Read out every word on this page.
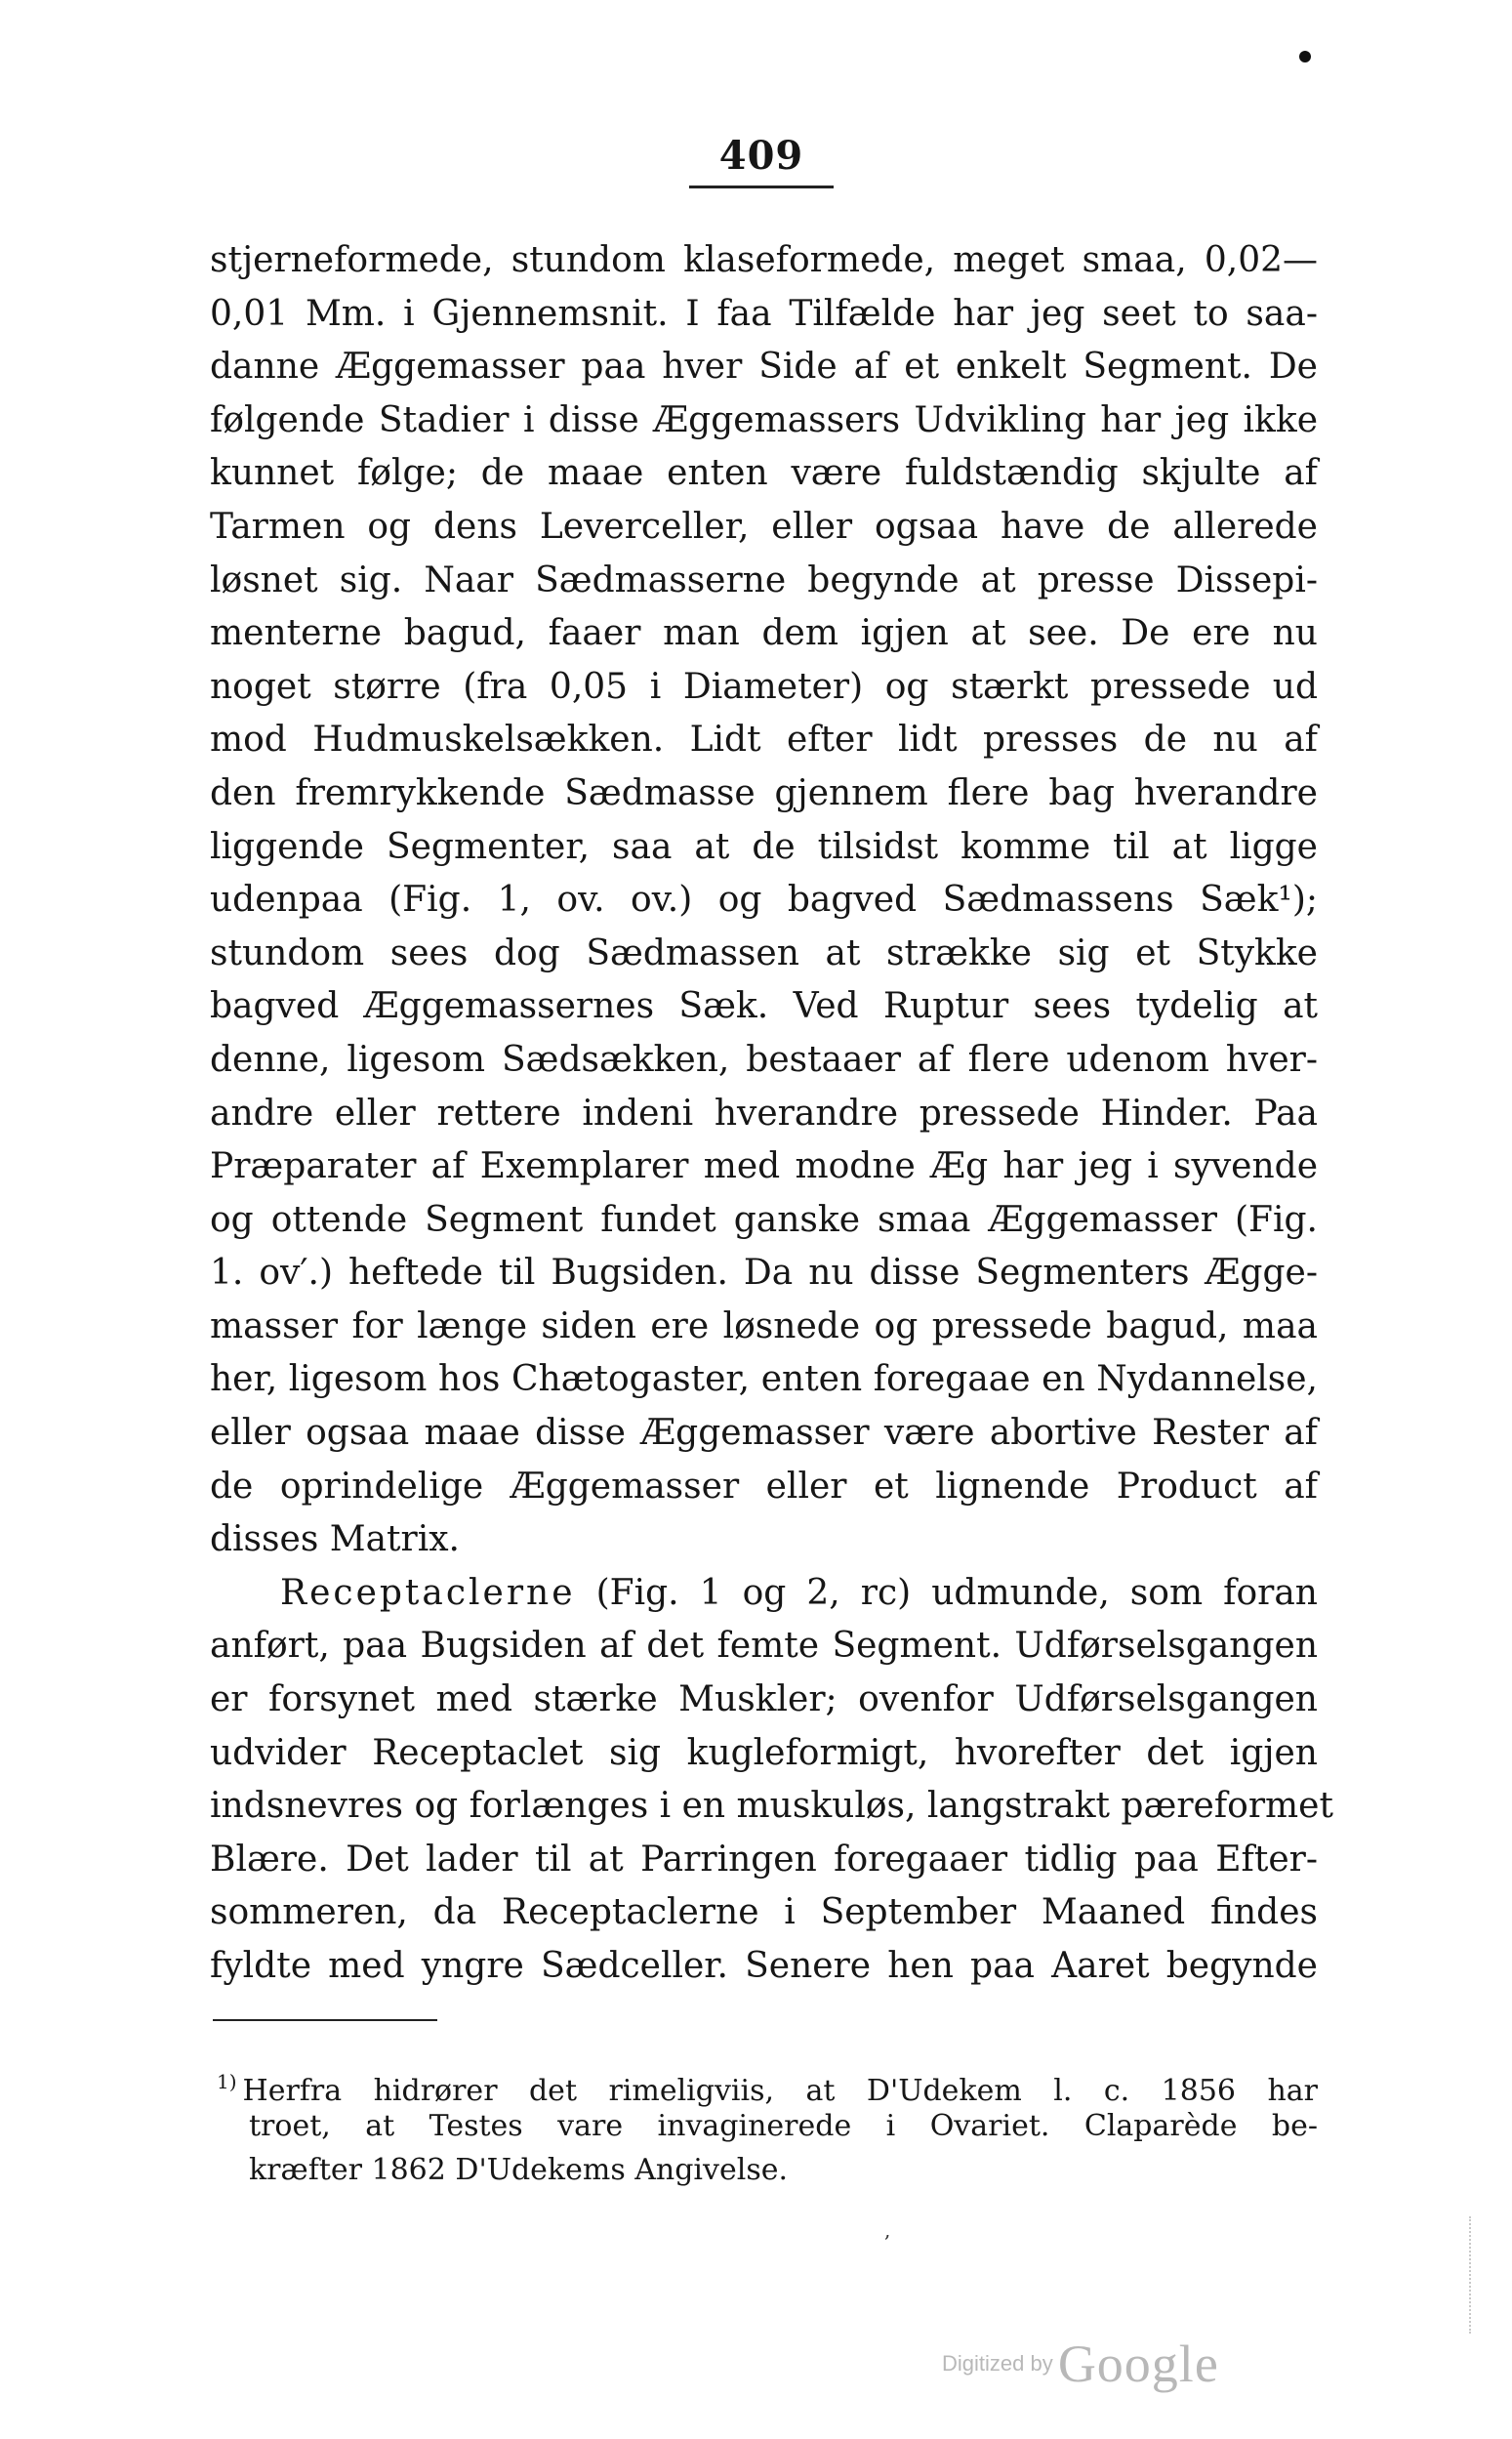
409
stjerneformede, stundom klaseformede, meget smaa, 0,02—
0,01 Mm. i Gjennemsnit. I faa Tilfælde har jeg seet to saa-
danne Æggemasser paa hver Side af et enkelt Segment. De
følgende Stadier i disse Æggemassers Udvikling har jeg ikke
kunnet følge; de maae enten være fuldstændig skjulte af
Tarmen og dens Leverceller, eller ogsaa have de allerede
løsnet sig. Naar Sædmasserne begynde at presse Dissepi-
menterne bagud, faaer man dem igjen at see. De ere nu
noget større (fra 0,05 i Diameter) og stærkt pressede ud
mod Hudmuskelsækken. Lidt efter lidt presses de nu af
den fremrykkende Sædmasse gjennem flere bag hverandre
liggende Segmenter, saa at de tilsidst komme til at ligge
udenpaa (Fig. 1, ov. ov.) og bagved Sædmassens Sæk¹);
stundom sees dog Sædmassen at strække sig et Stykke
bagved Æggemassernes Sæk. Ved Ruptur sees tydelig at
denne, ligesom Sædsækken, bestaaer af flere udenom hver-
andre eller rettere indeni hverandre pressede Hinder. Paa
Præparater af Exemplarer med modne Æg har jeg i syvende
og ottende Segment fundet ganske smaa Æggemasser (Fig.
1. ov′.) heftede til Bugsiden. Da nu disse Segmenters Ægge-
masser for længe siden ere løsnede og pressede bagud, maa
her, ligesom hos Chætogaster, enten foregaae en Nydannelse,
eller ogsaa maae disse Æggemasser være abortive Rester af
de oprindelige Æggemasser eller et lignende Product af
disses Matrix.
Receptaclerne (Fig. 1 og 2, rc) udmunde, som foran
anført, paa Bugsiden af det femte Segment. Udførselsgangen
er forsynet med stærke Muskler; ovenfor Udførselsgangen
udvider Receptaclet sig kugleformigt, hvorefter det igjen
indsnevres og forlænges i en muskuløs, langstrakt pæreformet
Blære. Det lader til at Parringen foregaaer tidlig paa Efter-
sommeren, da Receptaclerne i September Maaned findes
fyldte med yngre Sædceller. Senere hen paa Aaret begynde
$^{1)}$ Herfra hidrører det rimeligviis, at D'Udekem l. c. 1856 har
troet, at Testes vare invaginerede i Ovariet. Claparède be-
kræfter 1862 D'Udekems Angivelse.
,
Digitized by Google
